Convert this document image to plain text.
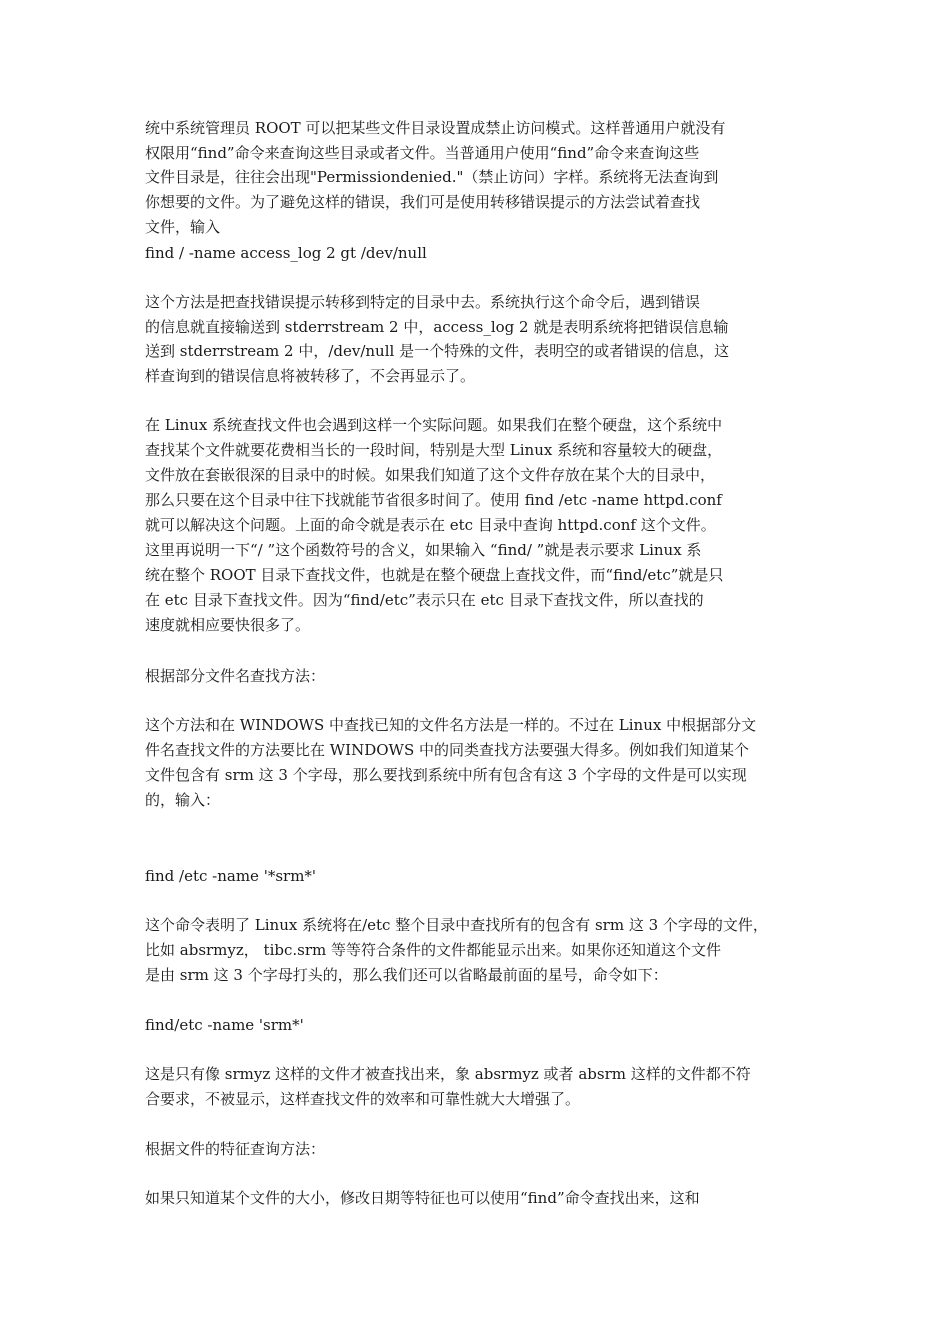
统中系统管理员 ROOT 可以把某些文件目录设置成禁止访问模式。这样普通用户就没有
权限用“find”命令来查询这些目录或者文件。当普通用户使用“find”命令来查询这些
文件目录是，往往会出现"Permissiondenied."（禁止访问）字样。系统将无法查询到
你想要的文件。为了避免这样的错误，我们可是使用转移错误提示的方法尝试着查找
文件，输入
find / -name access_log 2 gt /dev/null
这个方法是把查找错误提示转移到特定的目录中去。系统执行这个命令后，遇到错误
的信息就直接输送到 stderrstream 2 中，access_log 2 就是表明系统将把错误信息输
送到 stderrstream 2 中，/dev/null 是一个特殊的文件，表明空的或者错误的信息，这
样查询到的错误信息将被转移了，不会再显示了。
在 Linux 系统查找文件也会遇到这样一个实际问题。如果我们在整个硬盘，这个系统中
查找某个文件就要花费相当长的一段时间，特别是大型 Linux 系统和容量较大的硬盘，
文件放在套嵌很深的目录中的时候。如果我们知道了这个文件存放在某个大的目录中，
那么只要在这个目录中往下找就能节省很多时间了。使用 find /etc -name httpd.conf
就可以解决这个问题。上面的命令就是表示在 etc 目录中查询 httpd.conf 这个文件。
这里再说明一下“/ ”这个函数符号的含义，如果输入 “find/ ”就是表示要求 Linux 系
统在整个 ROOT 目录下查找文件，也就是在整个硬盘上查找文件，而“find/etc”就是只
在 etc 目录下查找文件。因为“find/etc”表示只在 etc 目录下查找文件，所以查找的
速度就相应要快很多了。
根据部分文件名查找方法：
这个方法和在 WINDOWS 中查找已知的文件名方法是一样的。不过在 Linux 中根据部分文
件名查找文件的方法要比在 WINDOWS 中的同类查找方法要强大得多。例如我们知道某个
文件包含有 srm 这 3 个字母，那么要找到系统中所有包含有这 3 个字母的文件是可以实现
的，输入：
find /etc -name '*srm*'
这个命令表明了 Linux 系统将在/etc 整个目录中查找所有的包含有 srm 这 3 个字母的文件，
比如 absrmyz， tibc.srm 等等符合条件的文件都能显示出来。如果你还知道这个文件
是由 srm 这 3 个字母打头的，那么我们还可以省略最前面的星号，命令如下：
find/etc -name 'srm*'
这是只有像 srmyz 这样的文件才被查找出来，象 absrmyz 或者 absrm 这样的文件都不符
合要求，不被显示，这样查找文件的效率和可靠性就大大增强了。
根据文件的特征查询方法：
如果只知道某个文件的大小，修改日期等特征也可以使用“find”命令查找出来，这和
